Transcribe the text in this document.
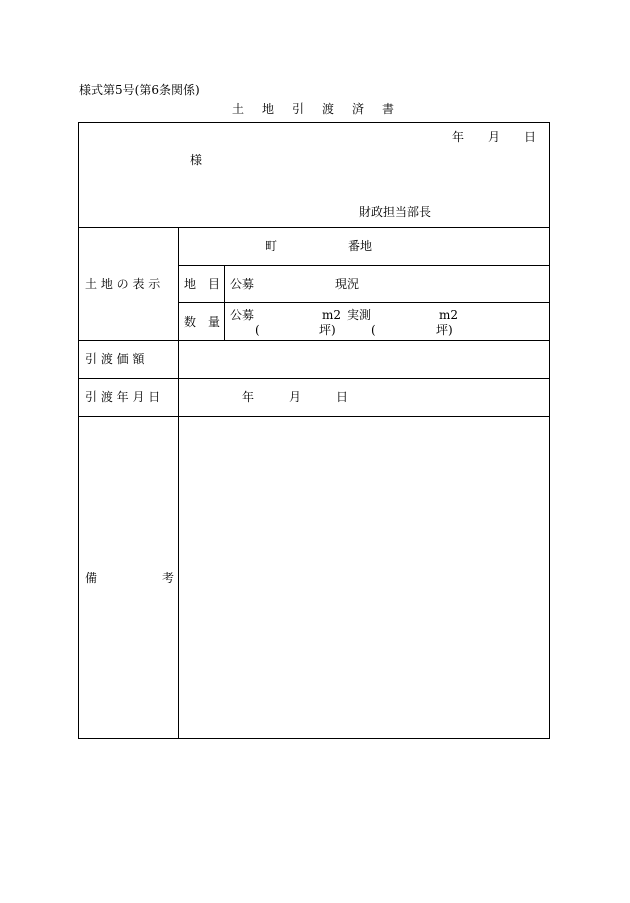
様式第5号(第6条関係)
土 地 引 渡 済 書
年 月 日
様
財政担当部長
土 地 の 表 示
町	番地
地 目 公募	現況
数 量 公募	m2 実測	m2
(	坪)	(	坪)
引 渡 価 額
引 渡 年 月 日	年	月	日
備	考
